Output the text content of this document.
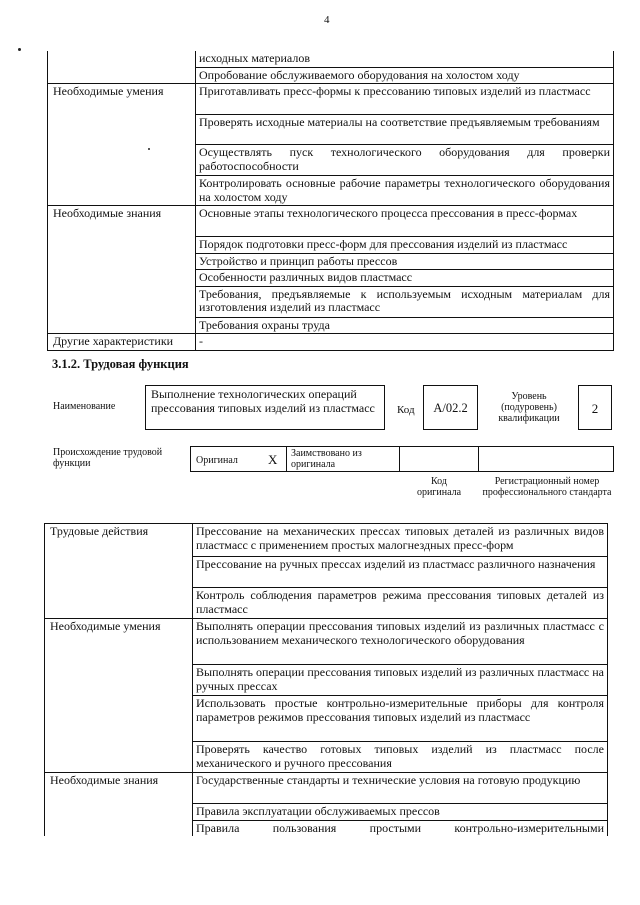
4
	исходных материалов
	Опробование обслуживаемого оборудования на холостом ходу
Необходимые умения	Приготавливать пресс-формы к прессованию типовых изделий из пластмасс
	Проверять исходные материалы на соответствие предъявляемым требованиям
	Осуществлять пуск технологического оборудования для проверки работоспособности
	Контролировать основные рабочие параметры технологического оборудования на холостом ходу
Необходимые знания	Основные этапы технологического процесса прессования в пресс-формах
	Порядок подготовки пресс-форм для прессования изделий из пластмасс
	Устройство и принцип работы прессов
	Особенности различных видов пластмасс
	Требования, предъявляемые к используемым исходным материалам для изготовления изделий из пластмасс
	Требования охраны труда
Другие характеристики	-
3.1.2. Трудовая функция
Наименование
Выполнение технологических операций прессования типовых изделий из пластмасс	Код	A/02.2
Уровень (подуровень) квалификации
2
Происхождение трудовой функции	Оригинал X Заимствовано из оригинала
Код оригинала
Регистрационный номер профессионального стандарта
Трудовые действия	Прессование на механических прессах типовых деталей из различных видов пластмасс с применением простых малогнездных пресс-форм
	Прессование на ручных прессах изделий из пластмасс различного назначения
	Контроль соблюдения параметров режима прессования типовых деталей из пластмасс
Необходимые умения	Выполнять операции прессования типовых изделий из различных пластмасс с использованием механического технологического оборудования
	Выполнять операции прессования типовых изделий из различных пластмасс на ручных прессах
	Использовать простые контрольно-измерительные приборы для контроля параметров режимов прессования типовых изделий из пластмасс
	Проверять качество готовых типовых изделий из пластмасс после механического и ручного прессования
Необходимые знания	Государственные стандарты и технические условия на готовую продукцию
	Правила эксплуатации обслуживаемых прессов
	Правила пользования простыми контрольно-измерительными
